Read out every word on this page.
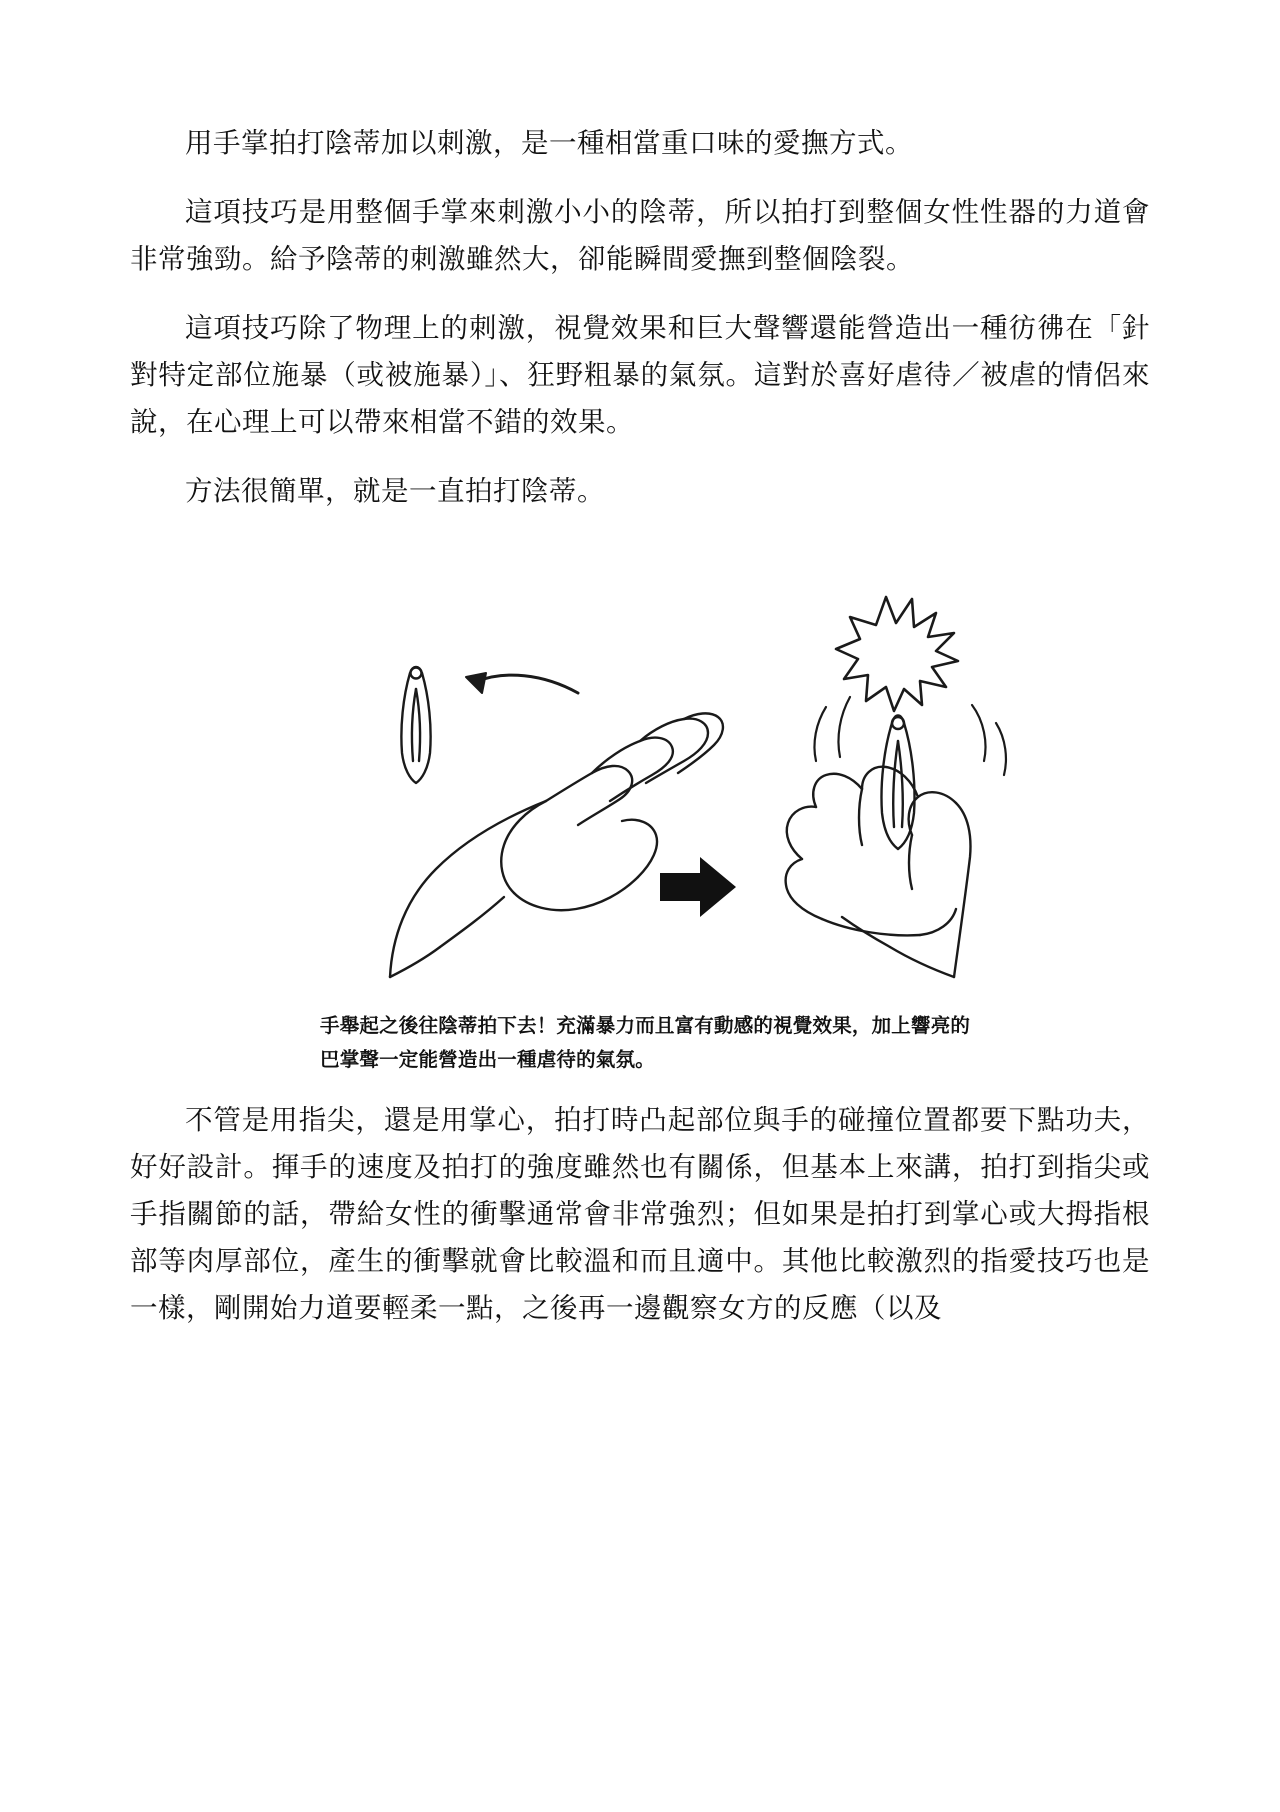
用手掌拍打陰蒂加以刺激，是一種相當重口味的愛撫方式。

這項技巧是用整個手掌來刺激小小的陰蒂，所以拍打到整個女性性器的力道會非常強勁。給予陰蒂的刺激雖然大，卻能瞬間愛撫到整個陰裂。

這項技巧除了物理上的刺激，視覺效果和巨大聲響還能營造出一種彷彿在「針對特定部位施暴（或被施暴）」、狂野粗暴的氣氛。這對於喜好虐待／被虐的情侶來說，在心理上可以帶來相當不錯的效果。

方法很簡單，就是一直拍打陰蒂。

手舉起之後往陰蒂拍下去！充滿暴力而且富有動感的視覺效果，加上響亮的巴掌聲一定能營造出一種虐待的氣氛。

不管是用指尖，還是用掌心，拍打時凸起部位與手的碰撞位置都要下點功夫，好好設計。揮手的速度及拍打的強度雖然也有關係，但基本上來講，拍打到指尖或手指關節的話，帶給女性的衝擊通常會非常強烈；但如果是拍打到掌心或大拇指根部等肉厚部位，產生的衝擊就會比較溫和而且適中。其他比較激烈的指愛技巧也是一樣，剛開始力道要輕柔一點，之後再一邊觀察女方的反應（以及
